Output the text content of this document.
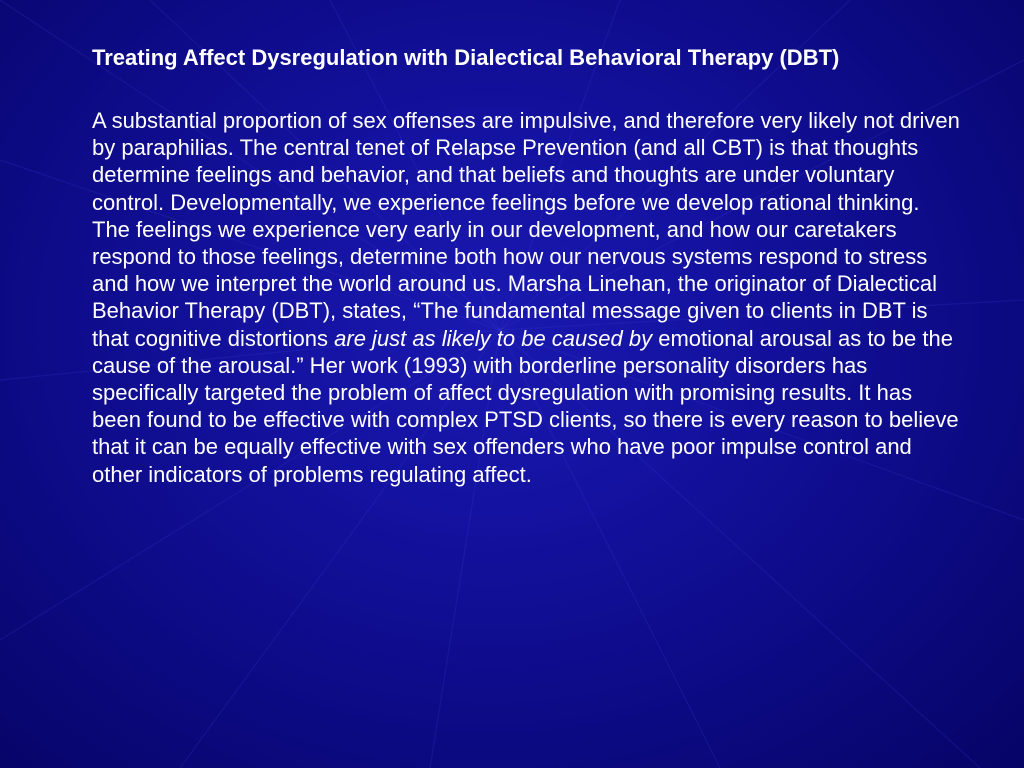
Treating Affect Dysregulation with Dialectical Behavioral Therapy (DBT)

A substantial proportion of sex offenses are impulsive, and therefore very likely not driven by paraphilias. The central tenet of Relapse Prevention (and all CBT) is that thoughts determine feelings and behavior, and that beliefs and thoughts are under voluntary control. Developmentally, we experience feelings before we develop rational thinking. The feelings we experience very early in our development, and how our caretakers respond to those feelings, determine both how our nervous systems respond to stress and how we interpret the world around us. Marsha Linehan, the originator of Dialectical Behavior Therapy (DBT), states, “The fundamental message given to clients in DBT is that cognitive distortions are just as likely to be caused by emotional arousal as to be the cause of the arousal.” Her work (1993) with borderline personality disorders has specifically targeted the problem of affect dysregulation with promising results. It has been found to be effective with complex PTSD clients, so there is every reason to believe that it can be equally effective with sex offenders who have poor impulse control and other indicators of problems regulating affect.
